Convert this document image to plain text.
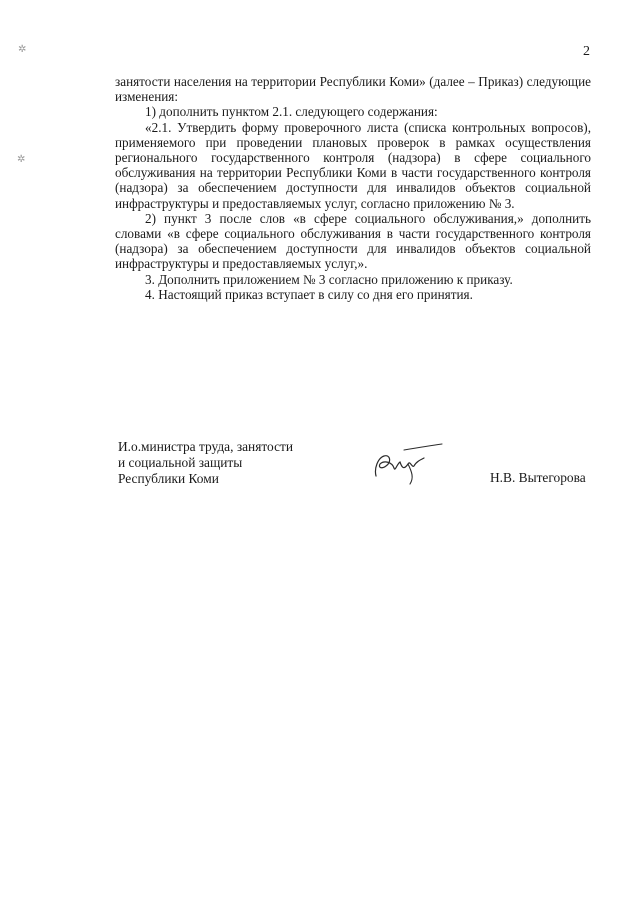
2

занятости населения на территории Республики Коми» (далее – Приказ) следующие изменения:

1) дополнить пунктом 2.1. следующего содержания:

«2.1. Утвердить форму проверочного листа (списка контрольных вопросов), применяемого при проведении плановых проверок в рамках осуществления регионального государственного контроля (надзора) в сфере социального обслуживания на территории Республики Коми в части государственного контроля (надзора) за обеспечением доступности для инвалидов объектов социальной инфраструктуры и предоставляемых услуг, согласно приложению № 3.

2) пункт 3 после слов «в сфере социального обслуживания,» дополнить словами «в сфере социального обслуживания в части государственного контроля (надзора) за обеспечением доступности для инвалидов объектов социальной инфраструктуры и предоставляемых услуг,».

3. Дополнить приложением № 3 согласно приложению к приказу.

4. Настоящий приказ вступает в силу со дня его принятия.

И.о.министра труда, занятости
и социальной защиты
Республики Коми	Н.В. Вытегорова
✲
✲
